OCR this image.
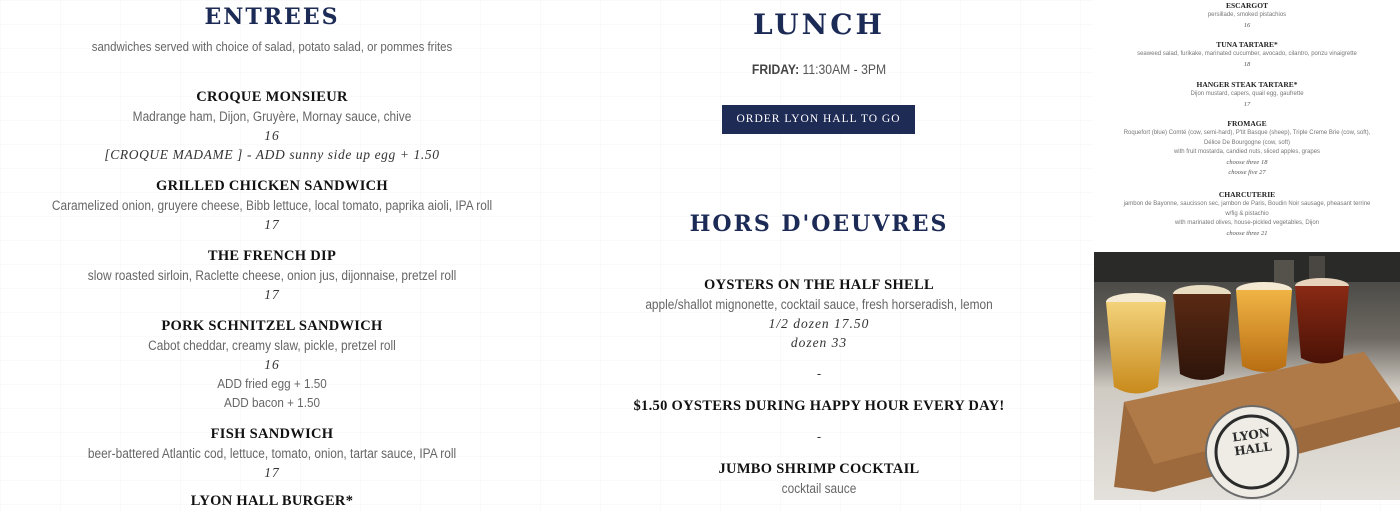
ENTREES
sandwiches served with choice of salad, potato salad, or pommes frites
CROQUE MONSIEUR
Madrange ham, Dijon, Gruyère, Mornay sauce, chive
16
[CROQUE MADAME ] - ADD sunny side up egg + 1.50
GRILLED CHICKEN SANDWICH
Caramelized onion, gruyere cheese, Bibb lettuce, local tomato, paprika aioli, IPA roll
17
THE FRENCH DIP
slow roasted sirloin, Raclette cheese, onion jus, dijonnaise, pretzel roll
17
PORK SCHNITZEL SANDWICH
Cabot cheddar, creamy slaw, pickle, pretzel roll
16
ADD fried egg + 1.50
ADD bacon + 1.50
FISH SANDWICH
beer-battered Atlantic cod, lettuce, tomato, onion, tartar sauce, IPA roll
17
LYON HALL BURGER*
LUNCH
FRIDAY: 11:30AM - 3PM
ORDER LYON HALL TO GO
HORS D'OEUVRES
OYSTERS ON THE HALF SHELL
apple/shallot mignonette, cocktail sauce, fresh horseradish, lemon
1/2 dozen 17.50
dozen 33
-
$1.50 OYSTERS DURING HAPPY HOUR EVERY DAY!
-
JUMBO SHRIMP COCKTAIL
cocktail sauce
ESCARGOT
persillade, smoked pistachios
16
TUNA TARTARE*
seaweed salad, furikake, marinated cucumber, avocado, cilantro, ponzu vinaigrette
18
HANGER STEAK TARTARE*
Dijon mustard, capers, quail egg, gaufrette
17
FROMAGE
Roquefort (blue) Comté (cow, semi-hard), P'tit Basque (sheep), Triple Creme Brie (cow, soft),
Délice De Bourgogne (cow, soft)
with fruit mostarda, candied nuts, sliced apples, grapes
choose three 18
choose five 27
CHARCUTERIE
jambon de Bayonne, saucisson sec, jambon de Paris, Boudin Noir sausage, pheasant terrine
w/fig & pistachio
with marinated olives, house-pickled vegetables, Dijon
choose three 21
LYON
HALL
